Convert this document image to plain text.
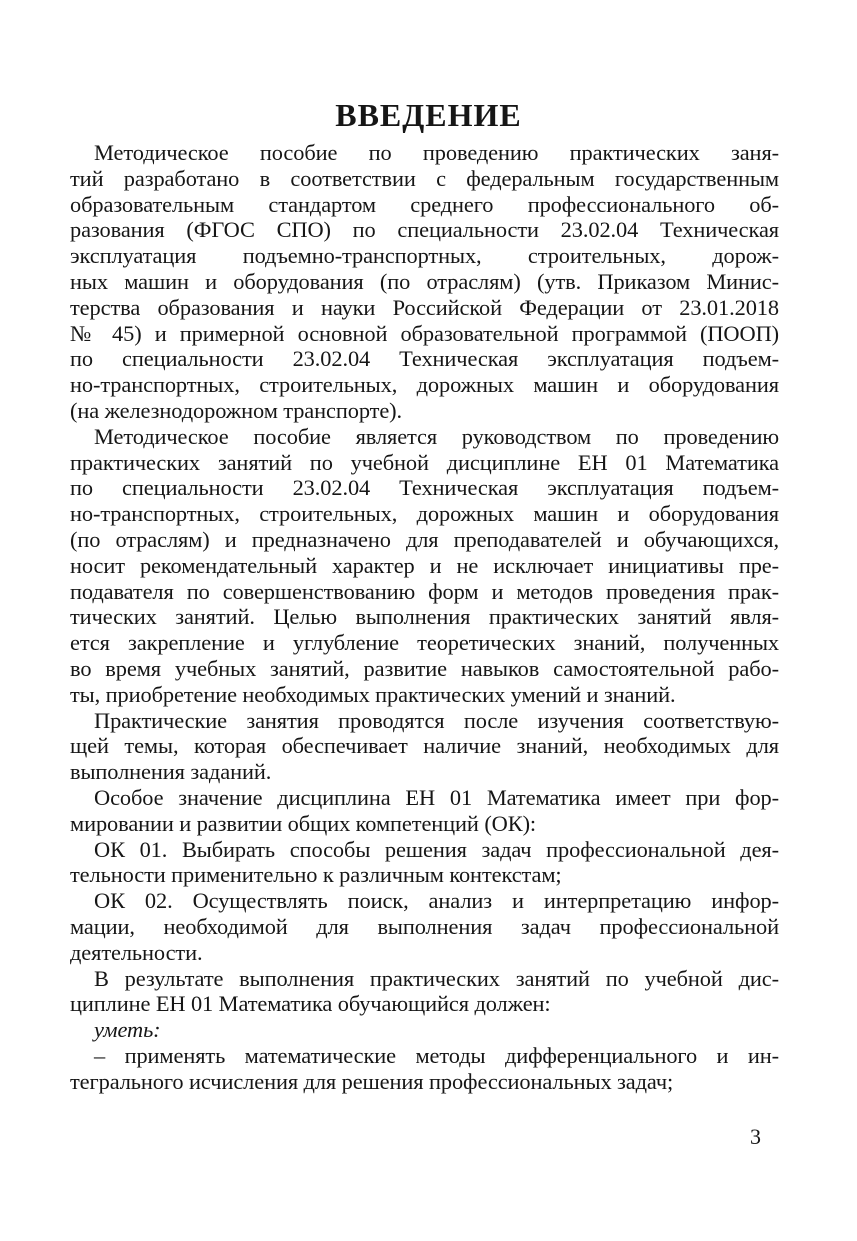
ВВЕДЕНИЕ

Методическое пособие по проведению практических заня-
тий разработано в соответствии с федеральным государственным
образовательным стандартом среднего профессионального об-
разования (ФГОС СПО) по специальности 23.02.04 Техническая
эксплуатация подъемно-транспортных, строительных, дорож-
ных машин и оборудования (по отраслям) (утв. Приказом Минис-
терства образования и науки Российской Федерации от 23.01.2018
№ 45) и примерной основной образовательной программой (ПООП)
по специальности 23.02.04 Техническая эксплуатация подъем-
но-транспортных, строительных, дорожных машин и оборудования
(на железнодорожном транспорте).

Методическое пособие является руководством по проведению
практических занятий по учебной дисциплине ЕН 01 Математика
по специальности 23.02.04 Техническая эксплуатация подъем-
но-транспортных, строительных, дорожных машин и оборудования
(по отраслям) и предназначено для преподавателей и обучающихся,
носит рекомендательный характер и не исключает инициативы пре-
подавателя по совершенствованию форм и методов проведения прак-
тических занятий. Целью выполнения практических занятий явля-
ется закрепление и углубление теоретических знаний, полученных
во время учебных занятий, развитие навыков самостоятельной рабо-
ты, приобретение необходимых практических умений и знаний.

Практические занятия проводятся после изучения соответствую-
щей темы, которая обеспечивает наличие знаний, необходимых для
выполнения заданий.

Особое значение дисциплина ЕН 01 Математика имеет при фор-
мировании и развитии общих компетенций (ОК):

ОК 01. Выбирать способы решения задач профессиональной дея-
тельности применительно к различным контекстам;

ОК 02. Осуществлять поиск, анализ и интерпретацию инфор-
мации, необходимой для выполнения задач профессиональной
деятельности.

В результате выполнения практических занятий по учебной дис-
циплине ЕН 01 Математика обучающийся должен:

уметь:

– применять математические методы дифференциального и ин-
тегрального исчисления для решения профессиональных задач;

3
